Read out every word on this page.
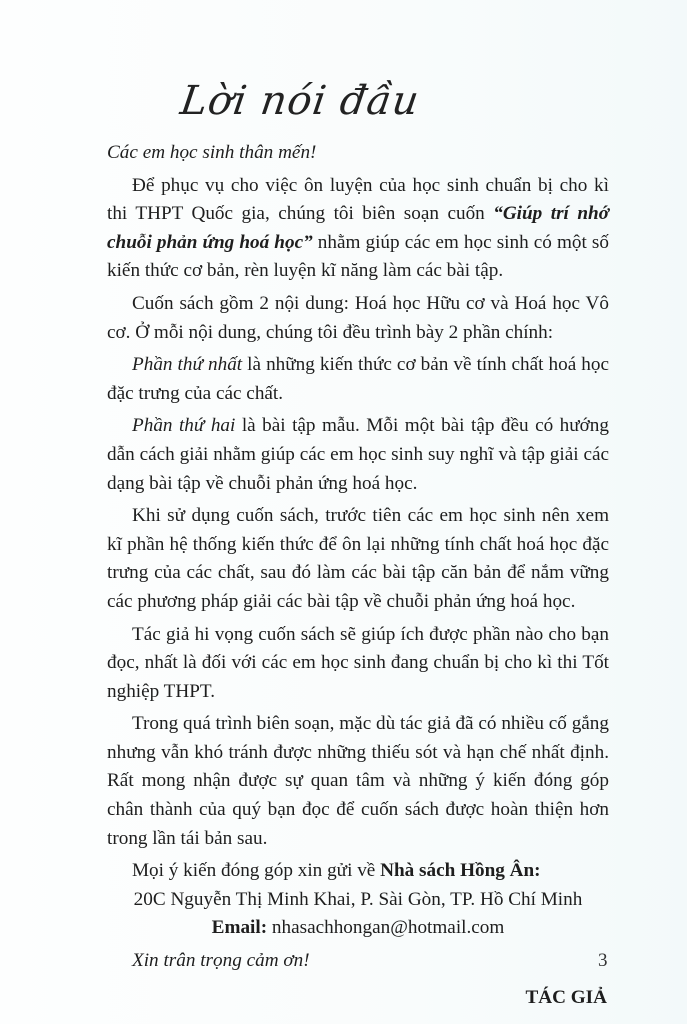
Lời nói đầu

Các em học sinh thân mến!

Để phục vụ cho việc ôn luyện của học sinh chuẩn bị cho kì thi THPT Quốc gia, chúng tôi biên soạn cuốn “Giúp trí nhớ chuỗi phản ứng hoá học” nhằm giúp các em học sinh có một số kiến thức cơ bản, rèn luyện kĩ năng làm các bài tập.

Cuốn sách gồm 2 nội dung: Hoá học Hữu cơ và Hoá học Vô cơ. Ở mỗi nội dung, chúng tôi đều trình bày 2 phần chính:

Phần thứ nhất là những kiến thức cơ bản về tính chất hoá học đặc trưng của các chất.

Phần thứ hai là bài tập mẫu. Mỗi một bài tập đều có hướng dẫn cách giải nhằm giúp các em học sinh suy nghĩ và tập giải các dạng bài tập về chuỗi phản ứng hoá học.

Khi sử dụng cuốn sách, trước tiên các em học sinh nên xem kĩ phần hệ thống kiến thức để ôn lại những tính chất hoá học đặc trưng của các chất, sau đó làm các bài tập căn bản để nắm vững các phương pháp giải các bài tập về chuỗi phản ứng hoá học.

Tác giả hi vọng cuốn sách sẽ giúp ích được phần nào cho bạn đọc, nhất là đối với các em học sinh đang chuẩn bị cho kì thi Tốt nghiệp THPT.

Trong quá trình biên soạn, mặc dù tác giả đã có nhiều cố gắng nhưng vẫn khó tránh được những thiếu sót và hạn chế nhất định. Rất mong nhận được sự quan tâm và những ý kiến đóng góp chân thành của quý bạn đọc để cuốn sách được hoàn thiện hơn trong lần tái bản sau.

Mọi ý kiến đóng góp xin gửi về Nhà sách Hồng Ân:

20C Nguyễn Thị Minh Khai, P. Sài Gòn, TP. Hồ Chí Minh

Email: nhasachhongan@hotmail.com

Xin trân trọng cảm ơn!

TÁC GIẢ

3
